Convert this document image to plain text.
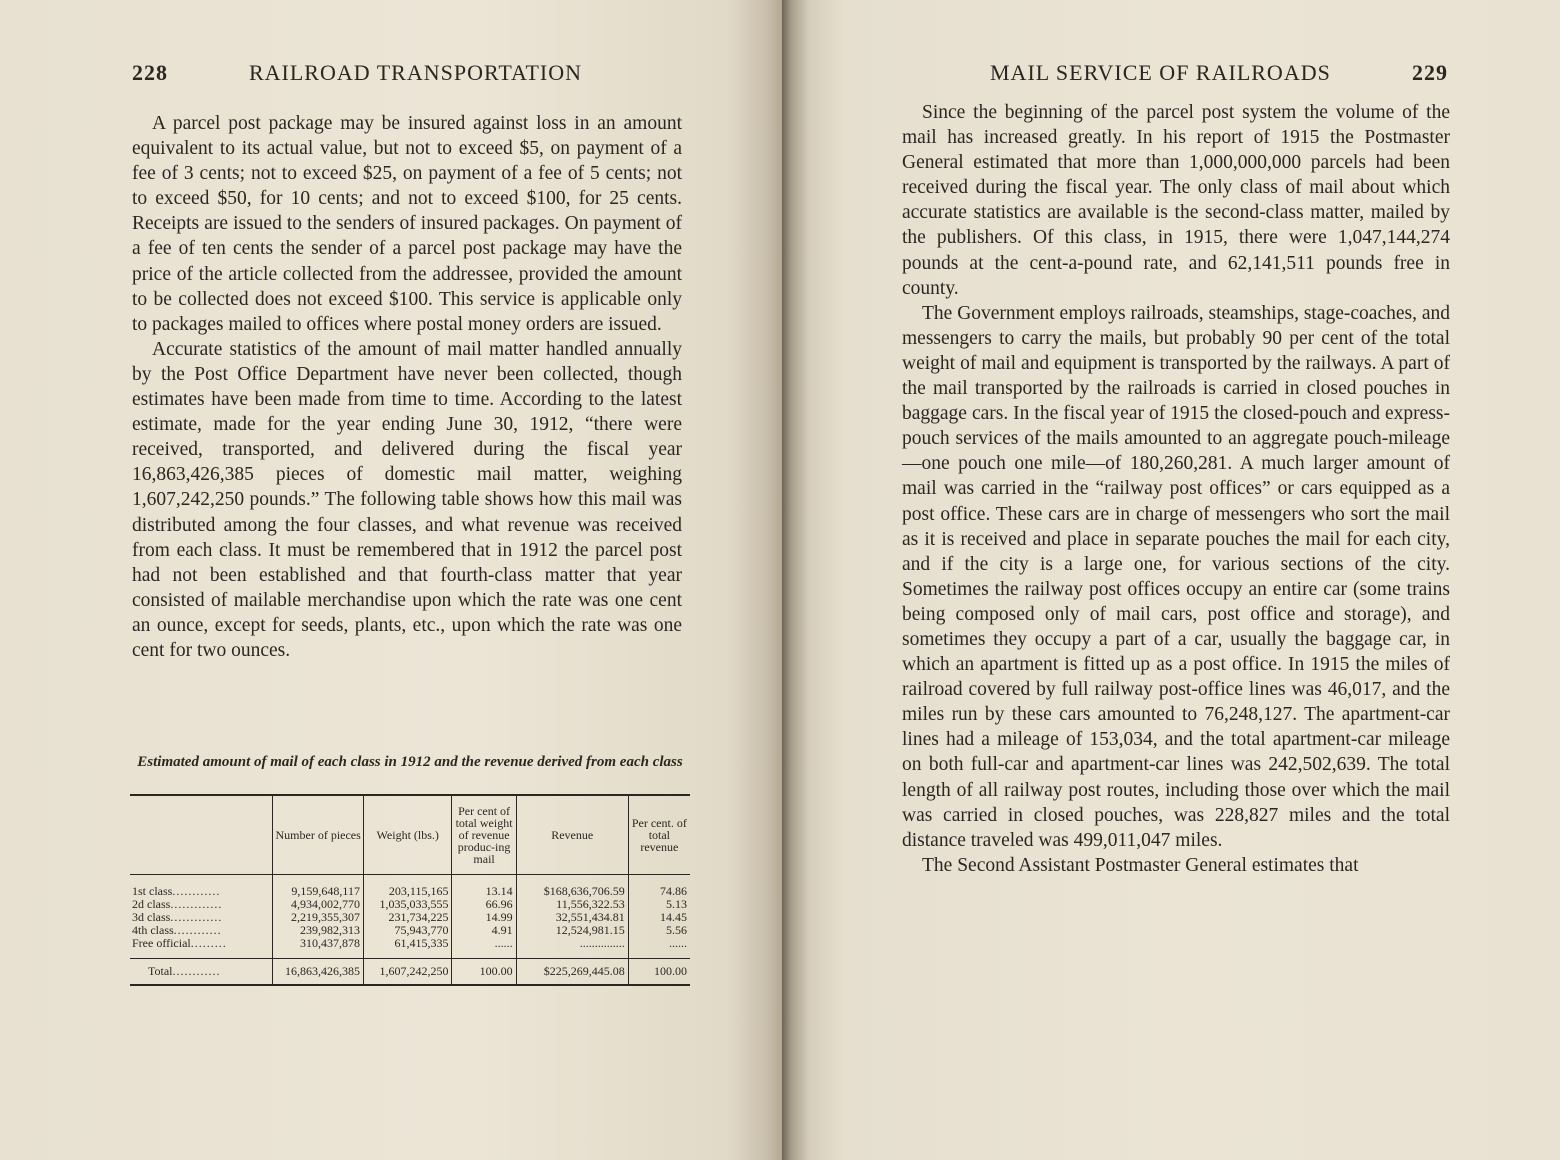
228	RAILROAD TRANSPORTATION

A parcel post package may be insured against loss in an amount equivalent to its actual value, but not to exceed $5, on payment of a fee of 3 cents; not to exceed $25, on payment of a fee of 5 cents; not to exceed $50, for 10 cents; and not to exceed $100, for 25 cents. Receipts are issued to the senders of insured packages. On payment of a fee of ten cents the sender of a parcel post package may have the price of the article collected from the addressee, provided the amount to be collected does not exceed $100. This service is applicable only to packages mailed to offices where postal money orders are issued.

Accurate statistics of the amount of mail matter handled annually by the Post Office Department have never been collected, though estimates have been made from time to time. According to the latest estimate, made for the year ending June 30, 1912, “there were received, transported, and delivered during the fiscal year 16,863,426,385 pieces of domestic mail matter, weighing 1,607,242,250 pounds.” The following table shows how this mail was distributed among the four classes, and what revenue was received from each class. It must be remembered that in 1912 the parcel post had not been established and that fourth-class matter that year consisted of mailable merchandise upon which the rate was one cent an ounce, except for seeds, plants, etc., upon which the rate was one cent for two ounces.

Estimated amount of mail of each class in 1912 and the revenue derived from each class
	Number of pieces	Weight (lbs.)	Per cent of total weight of revenue produc-ing mail	Revenue	Per cent. of total revenue
1st class............	9,159,648,117	203,115,165	13.14	$168,636,706.59	74.86
2d class.............	4,934,002,770	1,035,033,555	66.96	11,556,322.53	5.13
3d class.............	2,219,355,307	231,734,225	14.99	32,551,434.81	14.45
4th class............	239,982,313	75,943,770	4.91	12,524,981.15	5.56
Free official.........	310,437,878	61,415,335	......	...............	......
Total............	16,863,426,385	1,607,242,250	100.00	$225,269,445.08	100.00
MAIL SERVICE OF RAILROADS	229

Since the beginning of the parcel post system the volume of the mail has increased greatly. In his report of 1915 the Postmaster General estimated that more than 1,000,000,000 parcels had been received during the fiscal year. The only class of mail about which accurate statistics are available is the second-class matter, mailed by the publishers. Of this class, in 1915, there were 1,047,144,274 pounds at the cent-a-pound rate, and 62,141,511 pounds free in county.

The Government employs railroads, steamships, stage-coaches, and messengers to carry the mails, but probably 90 per cent of the total weight of mail and equipment is transported by the railways. A part of the mail transported by the railroads is carried in closed pouches in baggage cars. In the fiscal year of 1915 the closed-pouch and express-pouch services of the mails amounted to an aggregate pouch-mileage—one pouch one mile—of 180,260,281. A much larger amount of mail was carried in the “railway post offices” or cars equipped as a post office. These cars are in charge of messengers who sort the mail as it is received and place in separate pouches the mail for each city, and if the city is a large one, for various sections of the city. Sometimes the railway post offices occupy an entire car (some trains being composed only of mail cars, post office and storage), and sometimes they occupy a part of a car, usually the baggage car, in which an apartment is fitted up as a post office. In 1915 the miles of railroad covered by full railway post-office lines was 46,017, and the miles run by these cars amounted to 76,248,127. The apartment-car lines had a mileage of 153,034, and the total apartment-car mileage on both full-car and apartment-car lines was 242,502,639. The total length of all railway post routes, including those over which the mail was carried in closed pouches, was 228,827 miles and the total distance traveled was 499,011,047 miles.

The Second Assistant Postmaster General estimates that
